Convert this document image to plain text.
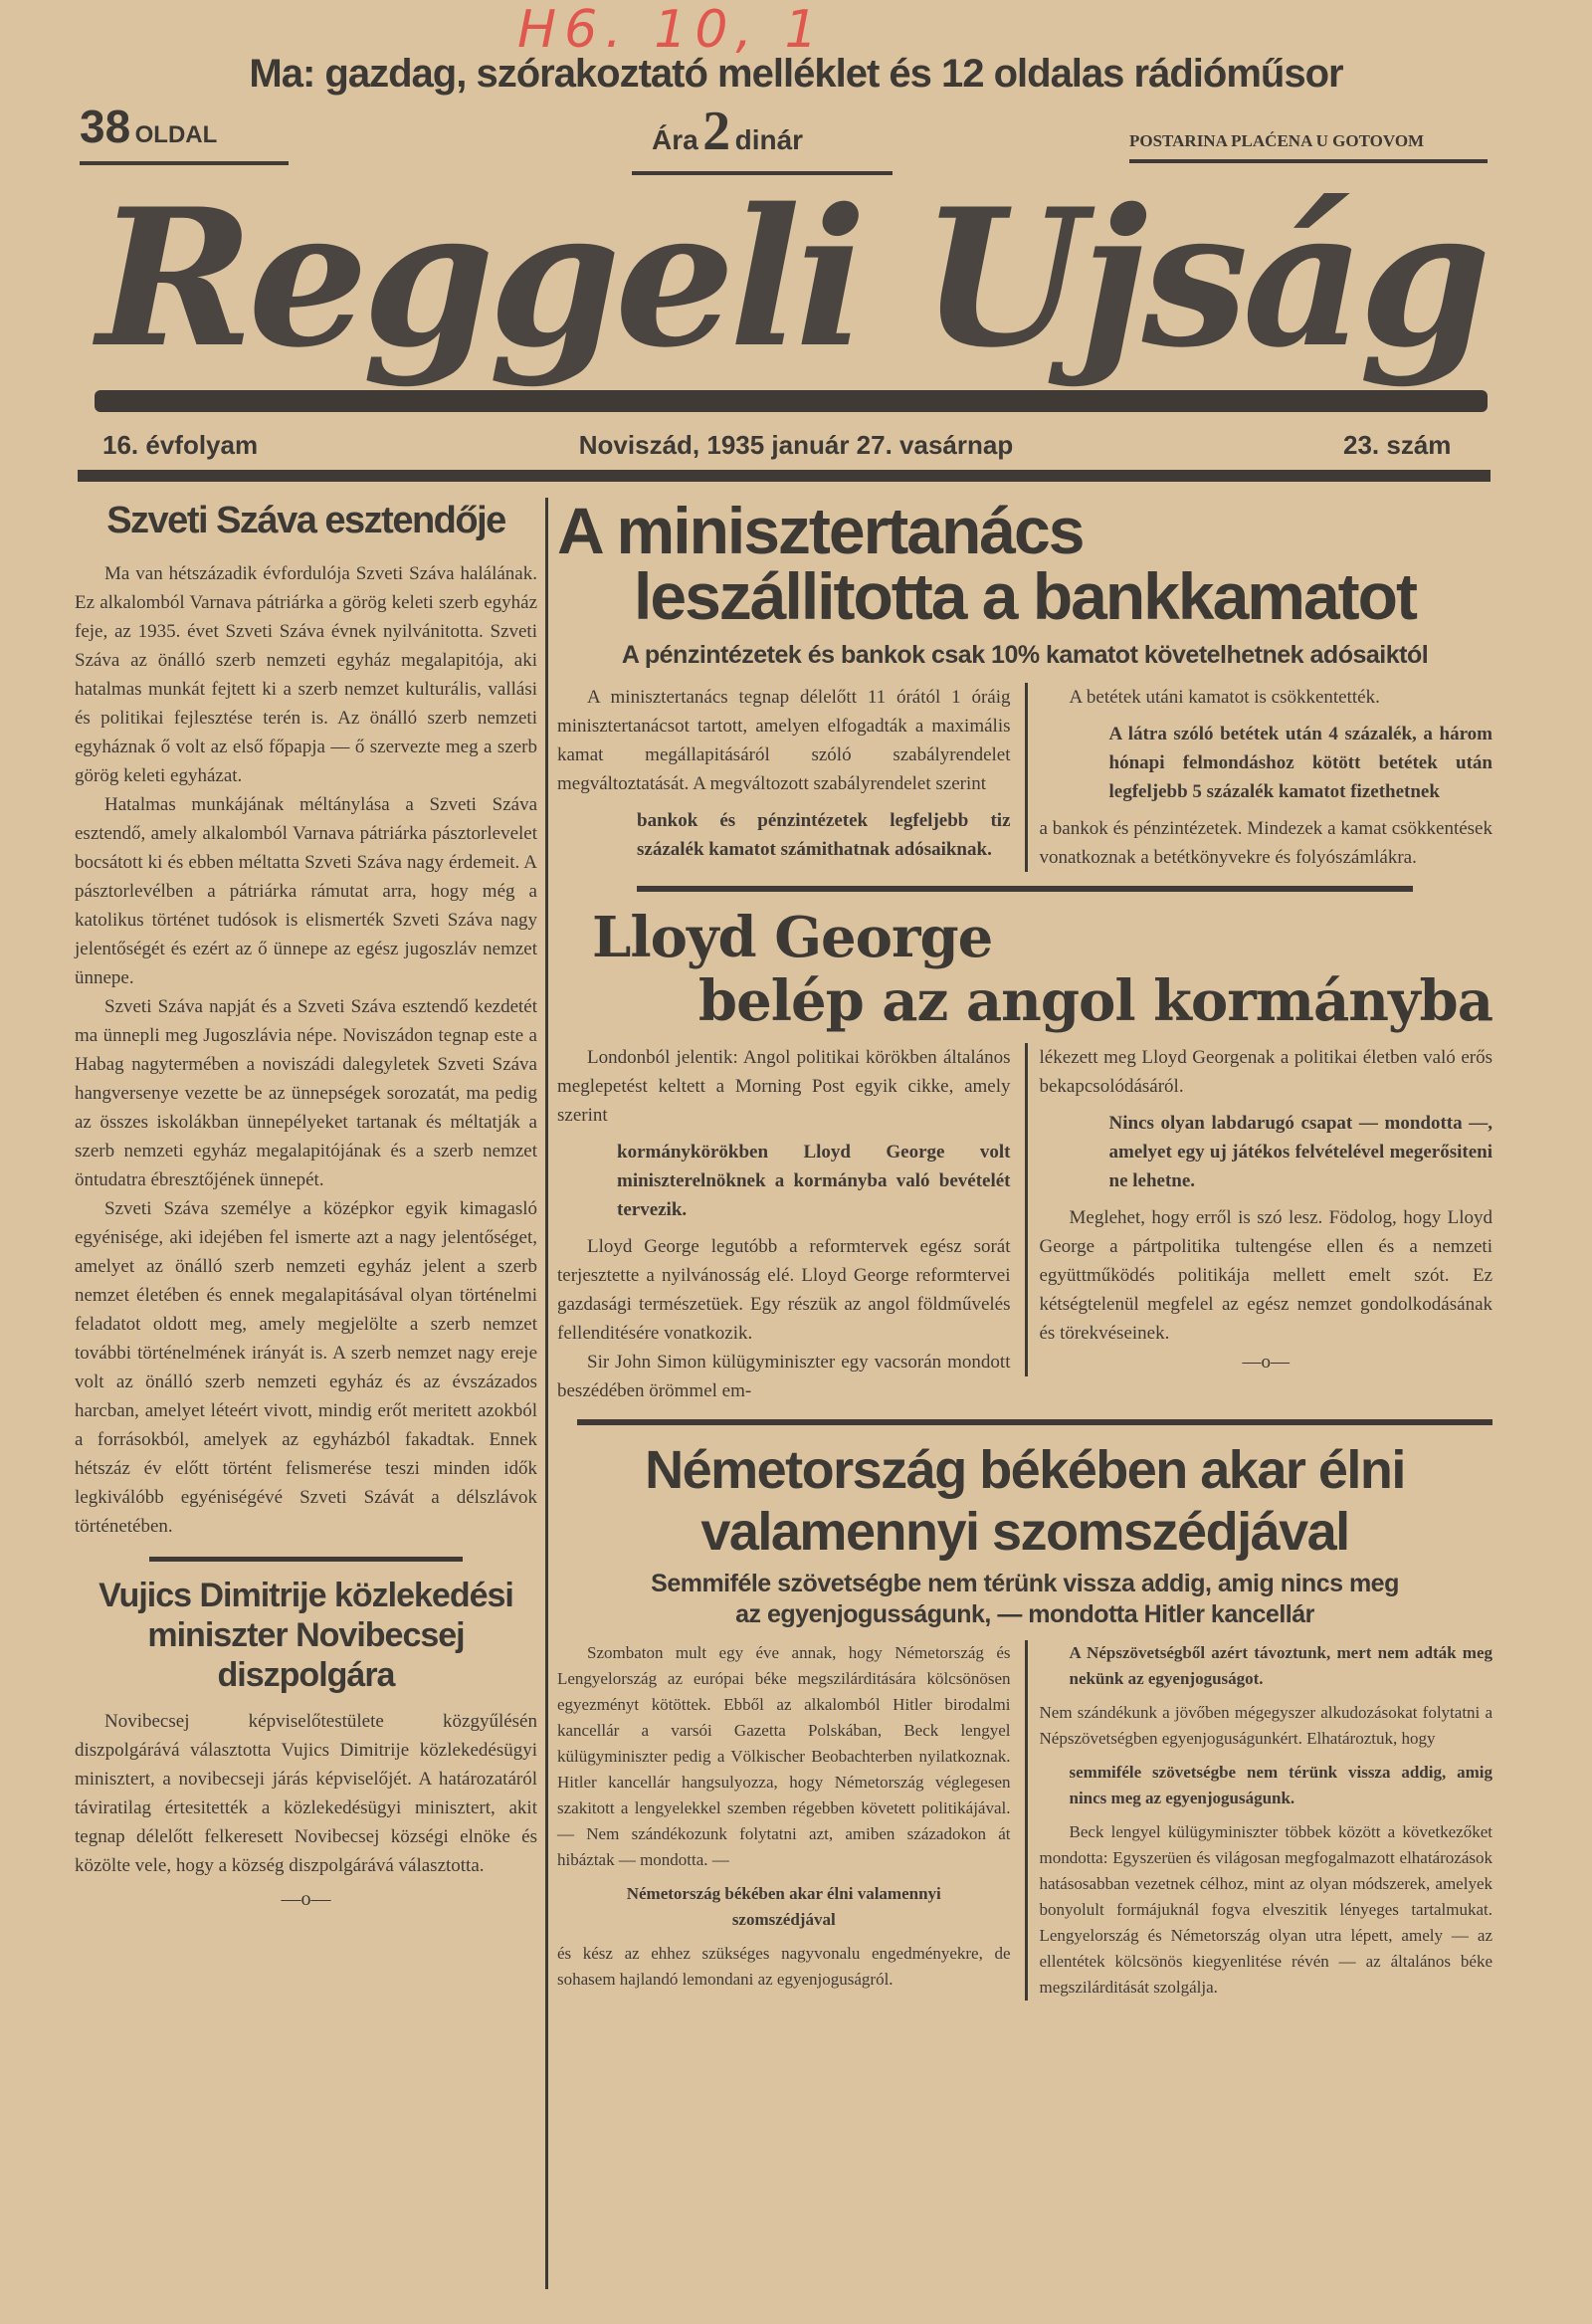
H6. 10, 1
Ma: gazdag, szórakoztató melléklet és 12 oldalas rádióműsor
38 OLDAL	Ára 2 dinár	POSTARINA PLAĆENA U GOTOVOM
Reggeli Ujság
16. évfolyam	Noviszád, 1935 január 27. vasárnap	23. szám
Szveti Száva esztendője

Ma van hétszázadik évfordulója Szveti Száva halálának. Ez alkalomból Varnava pátriárka a görög keleti szerb egyház feje, az 1935. évet Szveti Száva évnek nyilvánitotta. Szveti Száva az önálló szerb nemzeti egyház megalapitója, aki hatalmas munkát fejtett ki a szerb nemzet kulturális, vallási és politikai fejlesztése terén is. Az önálló szerb nemzeti egyháznak ő volt az első főpapja — ő szervezte meg a szerb görög keleti egyházat.

Hatalmas munkájának méltánylása a Szveti Száva esztendő, amely alkalomból Varnava pátriárka pásztorlevelet bocsátott ki és ebben méltatta Szveti Száva nagy érdemeit. A pásztorlevélben a pátriárka rámutat arra, hogy még a katolikus történet tudósok is elismerték Szveti Száva nagy jelentőségét és ezért az ő ünnepe az egész jugoszláv nemzet ünnepe.

Szveti Száva napját és a Szveti Száva esztendő kezdetét ma ünnepli meg Jugoszlávia népe. Noviszádon tegnap este a Habag nagytermében a noviszádi dalegyletek Szveti Száva hangversenye vezette be az ünnepségek sorozatát, ma pedig az összes iskolákban ünnepélyeket tartanak és méltatják a szerb nemzeti egyház megalapitójának és a szerb nemzet öntudatra ébresztőjének ünnepét.

Szveti Száva személye a középkor egyik kimagasló egyénisége, aki idejében fel ismerte azt a nagy jelentőséget, amelyet az önálló szerb nemzeti egyház jelent a szerb nemzet életében és ennek megalapitásával olyan történelmi feladatot oldott meg, amely megjelölte a szerb nemzet további történelmének irányát is. A szerb nemzet nagy ereje volt az önálló szerb nemzeti egyház és az évszázados harcban, amelyet léteért vivott, mindig erőt meritett azokból a forrásokból, amelyek az egyházból fakadtak. Ennek hétszáz év előtt történt felismerése teszi minden idők legkiválóbb egyéniségévé Szveti Szávát a délszlávok történetében.

Vujics Dimitrije közlekedési miniszter Novibecsej diszpolgára

Novibecsej képviselőtestülete közgyűlésén diszpolgárává választotta Vujics Dimitrije közlekedésügyi minisztert, a novibecseji járás képviselőjét. A határozatáról táviratilag értesitették a közlekedésügyi minisztert, akit tegnap délelőtt felkeresett Novibecsej községi elnöke és közölte vele, hogy a község diszpolgárává választotta.

—o—
A minisztertanács
leszállitotta a bankkamatot
A pénzintézetek és bankok csak 10% kamatot követelhetnek adósaiktól

A minisztertanács tegnap délelőtt 11 órától 1 óráig minisztertanácsot tartott, amelyen elfogadták a maximális kamat megállapitásáról szóló szabályrendelet megváltoztatását. A megváltozott szabályrendelet szerint

bankok és pénzintézetek legfeljebb tiz százalék kamatot számithatnak adósaiknak.

A betétek utáni kamatot is csökkentették.

A látra szóló betétek után 4 százalék, a három hónapi felmondáshoz kötött betétek után legfeljebb 5 százalék kamatot fizethetnek

a bankok és pénzintézetek. Mindezek a kamat csökkentések vonatkoznak a betétkönyvekre és folyószámlákra.

Lloyd George
belép az angol kormányba

Londonból jelentik: Angol politikai körökben általános meglepetést keltett a Morning Post egyik cikke, amely szerint

kormánykörökben Lloyd George volt miniszterelnöknek a kormányba való bevételét tervezik.

Lloyd George legutóbb a reformtervek egész sorát terjesztette a nyilvánosság elé. Lloyd George reformtervei gazdasági természetüek. Egy részük az angol földművelés fellenditésére vonatkozik.

Sir John Simon külügyminiszter egy vacsorán mondott beszédében örömmel em-

lékezett meg Lloyd Georgenak a politikai életben való erős bekapcsolódásáról.

Nincs olyan labdarugó csapat — mondotta —, amelyet egy uj játékos felvételével megerősiteni ne lehetne.

Meglehet, hogy erről is szó lesz. Födolog, hogy Lloyd George a pártpolitika tultengése ellen és a nemzeti együttműködés politikája mellett emelt szót. Ez kétségtelenül megfelel az egész nemzet gondolkodásának és törekvéseinek.

—o—
Németország békében akar élni
valamennyi szomszédjával
Semmiféle szövetségbe nem térünk vissza addig, amig nincs meg
az egyenjogusságunk, — mondotta Hitler kancellár

Szombaton mult egy éve annak, hogy Németország és Lengyelország az európai béke megszilárditására kölcsönösen egyezményt kötöttek. Ebből az alkalomból Hitler birodalmi kancellár a varsói Gazetta Polskában, Beck lengyel külügyminiszter pedig a Völkischer Beobachterben nyilatkoznak. Hitler kancellár hangsulyozza, hogy Németország véglegesen szakitott a lengyelekkel szemben régebben követett politikájával. — Nem szándékozunk folytatni azt, amiben századokon át hibáztak — mondotta. —

Németország békében akar élni valamennyi szomszédjával

és kész az ehhez szükséges nagyvonalu engedményekre, de sohasem hajlandó lemondani az egyenjoguságról.

A Népszövetségből azért távoztunk, mert nem adták meg nekünk az egyenjoguságot.

Nem szándékunk a jövőben mégegyszer alkudozásokat folytatni a Népszövetségben egyenjoguságunkért. Elhatároztuk, hogy

semmiféle szövetségbe nem térünk vissza addig, amig nincs meg az egyenjoguságunk.

Beck lengyel külügyminiszter többek között a következőket mondotta: Egyszerüen és világosan megfogalmazott elhatározások hatásosabban vezetnek célhoz, mint az olyan módszerek, amelyek bonyolult formájuknál fogva elveszitik lényeges tartalmukat. Lengyelország és Németország olyan utra lépett, amely — az ellentétek kölcsönös kiegyenlitése révén — az általános béke megszilárditását szolgálja.
